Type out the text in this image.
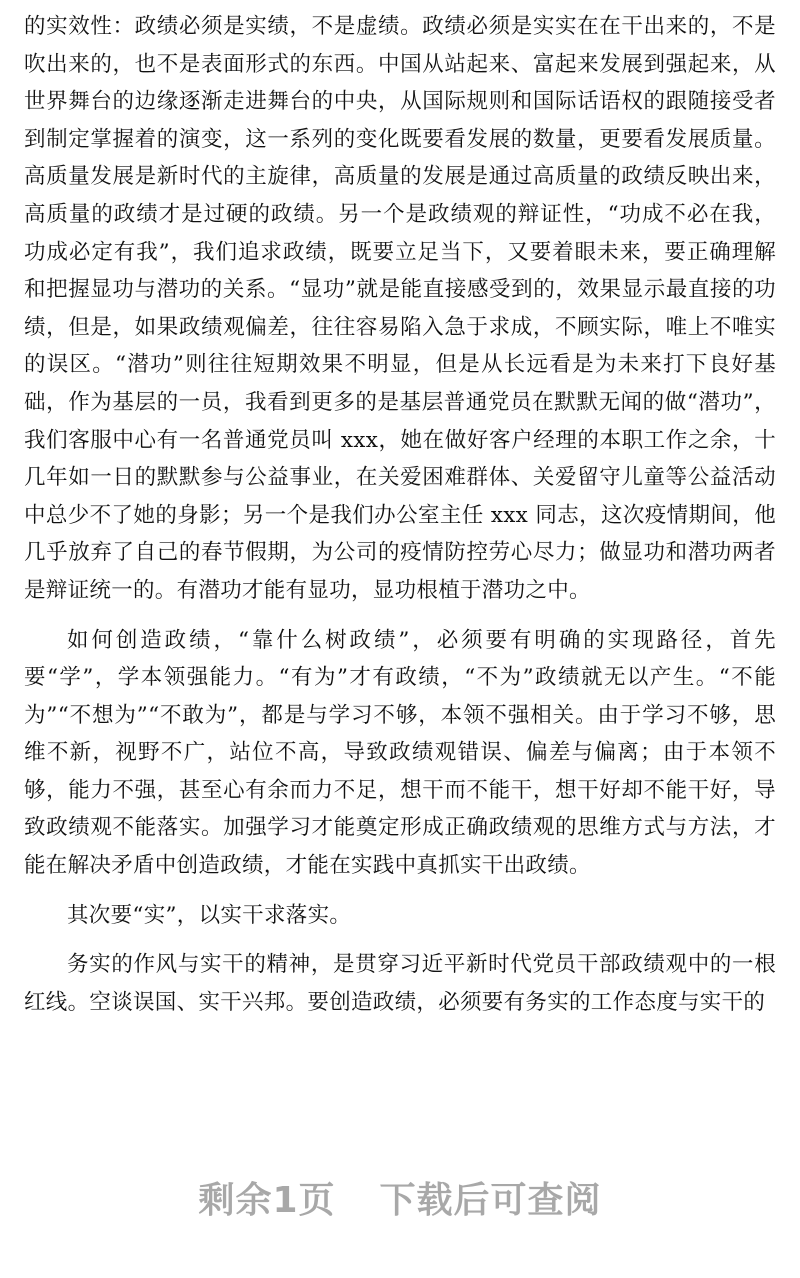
的实效性：政绩必须是实绩，不是虚绩。政绩必须是实实在在干出来的，不是吹出来的，也不是表面形式的东西。中国从站起来、富起来发展到强起来，从世界舞台的边缘逐渐走进舞台的中央，从国际规则和国际话语权的跟随接受者到制定掌握着的演变，这一系列的变化既要看发展的数量，更要看发展质量。高质量发展是新时代的主旋律，高质量的发展是通过高质量的政绩反映出来，高质量的政绩才是过硬的政绩。另一个是政绩观的辩证性，“功成不必在我，功成必定有我”，我们追求政绩，既要立足当下，又要着眼未来，要正确理解和把握显功与潜功的关系。“显功”就是能直接感受到的，效果显示最直接的功绩，但是，如果政绩观偏差，往往容易陷入急于求成，不顾实际，唯上不唯实的误区。“潜功”则往往短期效果不明显，但是从长远看是为未来打下良好基础，作为基层的一员，我看到更多的是基层普通党员在默默无闻的做“潜功”，我们客服中心有一名普通党员叫 xxx，她在做好客户经理的本职工作之余，十几年如一日的默默参与公益事业，在关爱困难群体、关爱留守儿童等公益活动中总少不了她的身影；另一个是我们办公室主任 xxx 同志，这次疫情期间，他几乎放弃了自己的春节假期，为公司的疫情防控劳心尽力；做显功和潜功两者是辩证统一的。有潜功才能有显功，显功根植于潜功之中。

如何创造政绩，“靠什么树政绩”，必须要有明确的实现路径，首先要“学”，学本领强能力。“有为”才有政绩，“不为”政绩就无以产生。“不能为”“不想为”“不敢为”，都是与学习不够，本领不强相关。由于学习不够，思维不新，视野不广，站位不高，导致政绩观错误、偏差与偏离；由于本领不够，能力不强，甚至心有余而力不足，想干而不能干，想干好却不能干好，导致政绩观不能落实。加强学习才能奠定形成正确政绩观的思维方式与方法，才能在解决矛盾中创造政绩，才能在实践中真抓实干出政绩。

其次要“实”，以实干求落实。

务实的作风与实干的精神，是贯穿习近平新时代党员干部政绩观中的一根红线。空谈误国、实干兴邦。要创造政绩，必须要有务实的工作态度与实干的

剩余1页 下载后可查阅
